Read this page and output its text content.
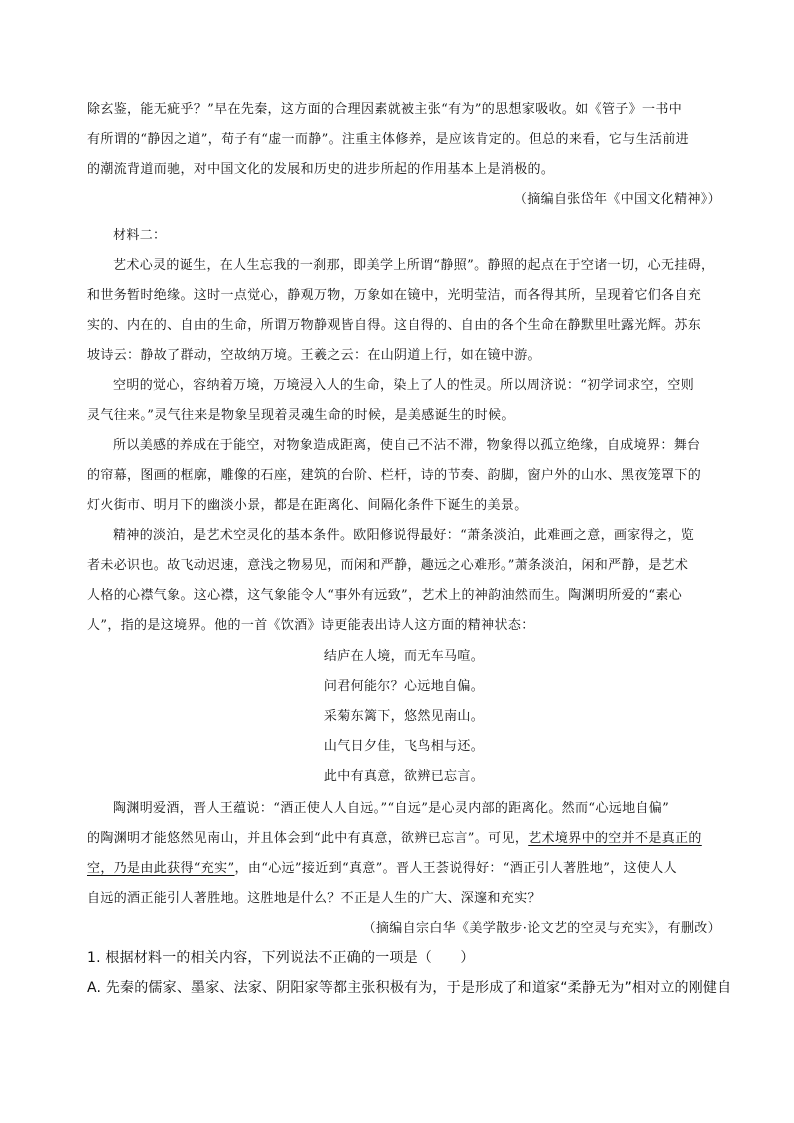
除玄鉴，能无疵乎？”早在先秦，这方面的合理因素就被主张“有为”的思想家吸收。如《管子》一书中
有所谓的“静因之道”，荀子有“虚一而静”。注重主体修养，是应该肯定的。但总的来看，它与生活前进
的潮流背道而驰，对中国文化的发展和历史的进步所起的作用基本上是消极的。
（摘编自张岱年《中国文化精神》）
材料二：
艺术心灵的诞生，在人生忘我的一刹那，即美学上所谓“静照”。静照的起点在于空诸一切，心无挂碍，
和世务暂时绝缘。这时一点觉心，静观万物，万象如在镜中，光明莹洁，而各得其所，呈现着它们各自充
实的、内在的、自由的生命，所谓万物静观皆自得。这自得的、自由的各个生命在静默里吐露光辉。苏东
坡诗云：静故了群动，空故纳万境。王羲之云：在山阴道上行，如在镜中游。
空明的觉心，容纳着万境，万境浸入人的生命，染上了人的性灵。所以周济说：“初学词求空，空则
灵气往来。”灵气往来是物象呈现着灵魂生命的时候，是美感诞生的时候。
所以美感的养成在于能空，对物象造成距离，使自己不沾不滞，物象得以孤立绝缘，自成境界：舞台
的帘幕，图画的框廓，雕像的石座，建筑的台阶、栏杆，诗的节奏、韵脚，窗户外的山水、黑夜笼罩下的
灯火街市、明月下的幽淡小景，都是在距离化、间隔化条件下诞生的美景。
精神的淡泊，是艺术空灵化的基本条件。欧阳修说得最好：“萧条淡泊，此难画之意，画家得之，览
者未必识也。故飞动迟速，意浅之物易见，而闲和严静，趣远之心难形。”萧条淡泊，闲和严静，是艺术
人格的心襟气象。这心襟，这气象能令人“事外有远致”，艺术上的神韵油然而生。陶渊明所爱的“素心
人”，指的是这境界。他的一首《饮酒》诗更能表出诗人这方面的精神状态：
结庐在人境，而无车马喧。
问君何能尔？心远地自偏。
采菊东篱下，悠然见南山。
山气日夕佳，飞鸟相与还。
此中有真意，欲辨已忘言。
陶渊明爱酒，晋人王蕴说：“酒正使人人自远。”“自远”是心灵内部的距离化。然而“心远地自偏”
的陶渊明才能悠然见南山，并且体会到“此中有真意，欲辨已忘言”。可见，艺术境界中的空并不是真正的
空，乃是由此获得“充实”，由“心远”接近到“真意”。晋人王荟说得好：“酒正引人著胜地”，这使人人
自远的酒正能引人著胜地。这胜地是什么？不正是人生的广大、深邃和充实？
（摘编自宗白华《美学散步·论文艺的空灵与充实》，有删改）
1. 根据材料一的相关内容，下列说法不正确的一项是（　　）
A. 先秦的儒家、墨家、法家、阴阳家等都主张积极有为，于是形成了和道家“柔静无为”相对立的刚健自
